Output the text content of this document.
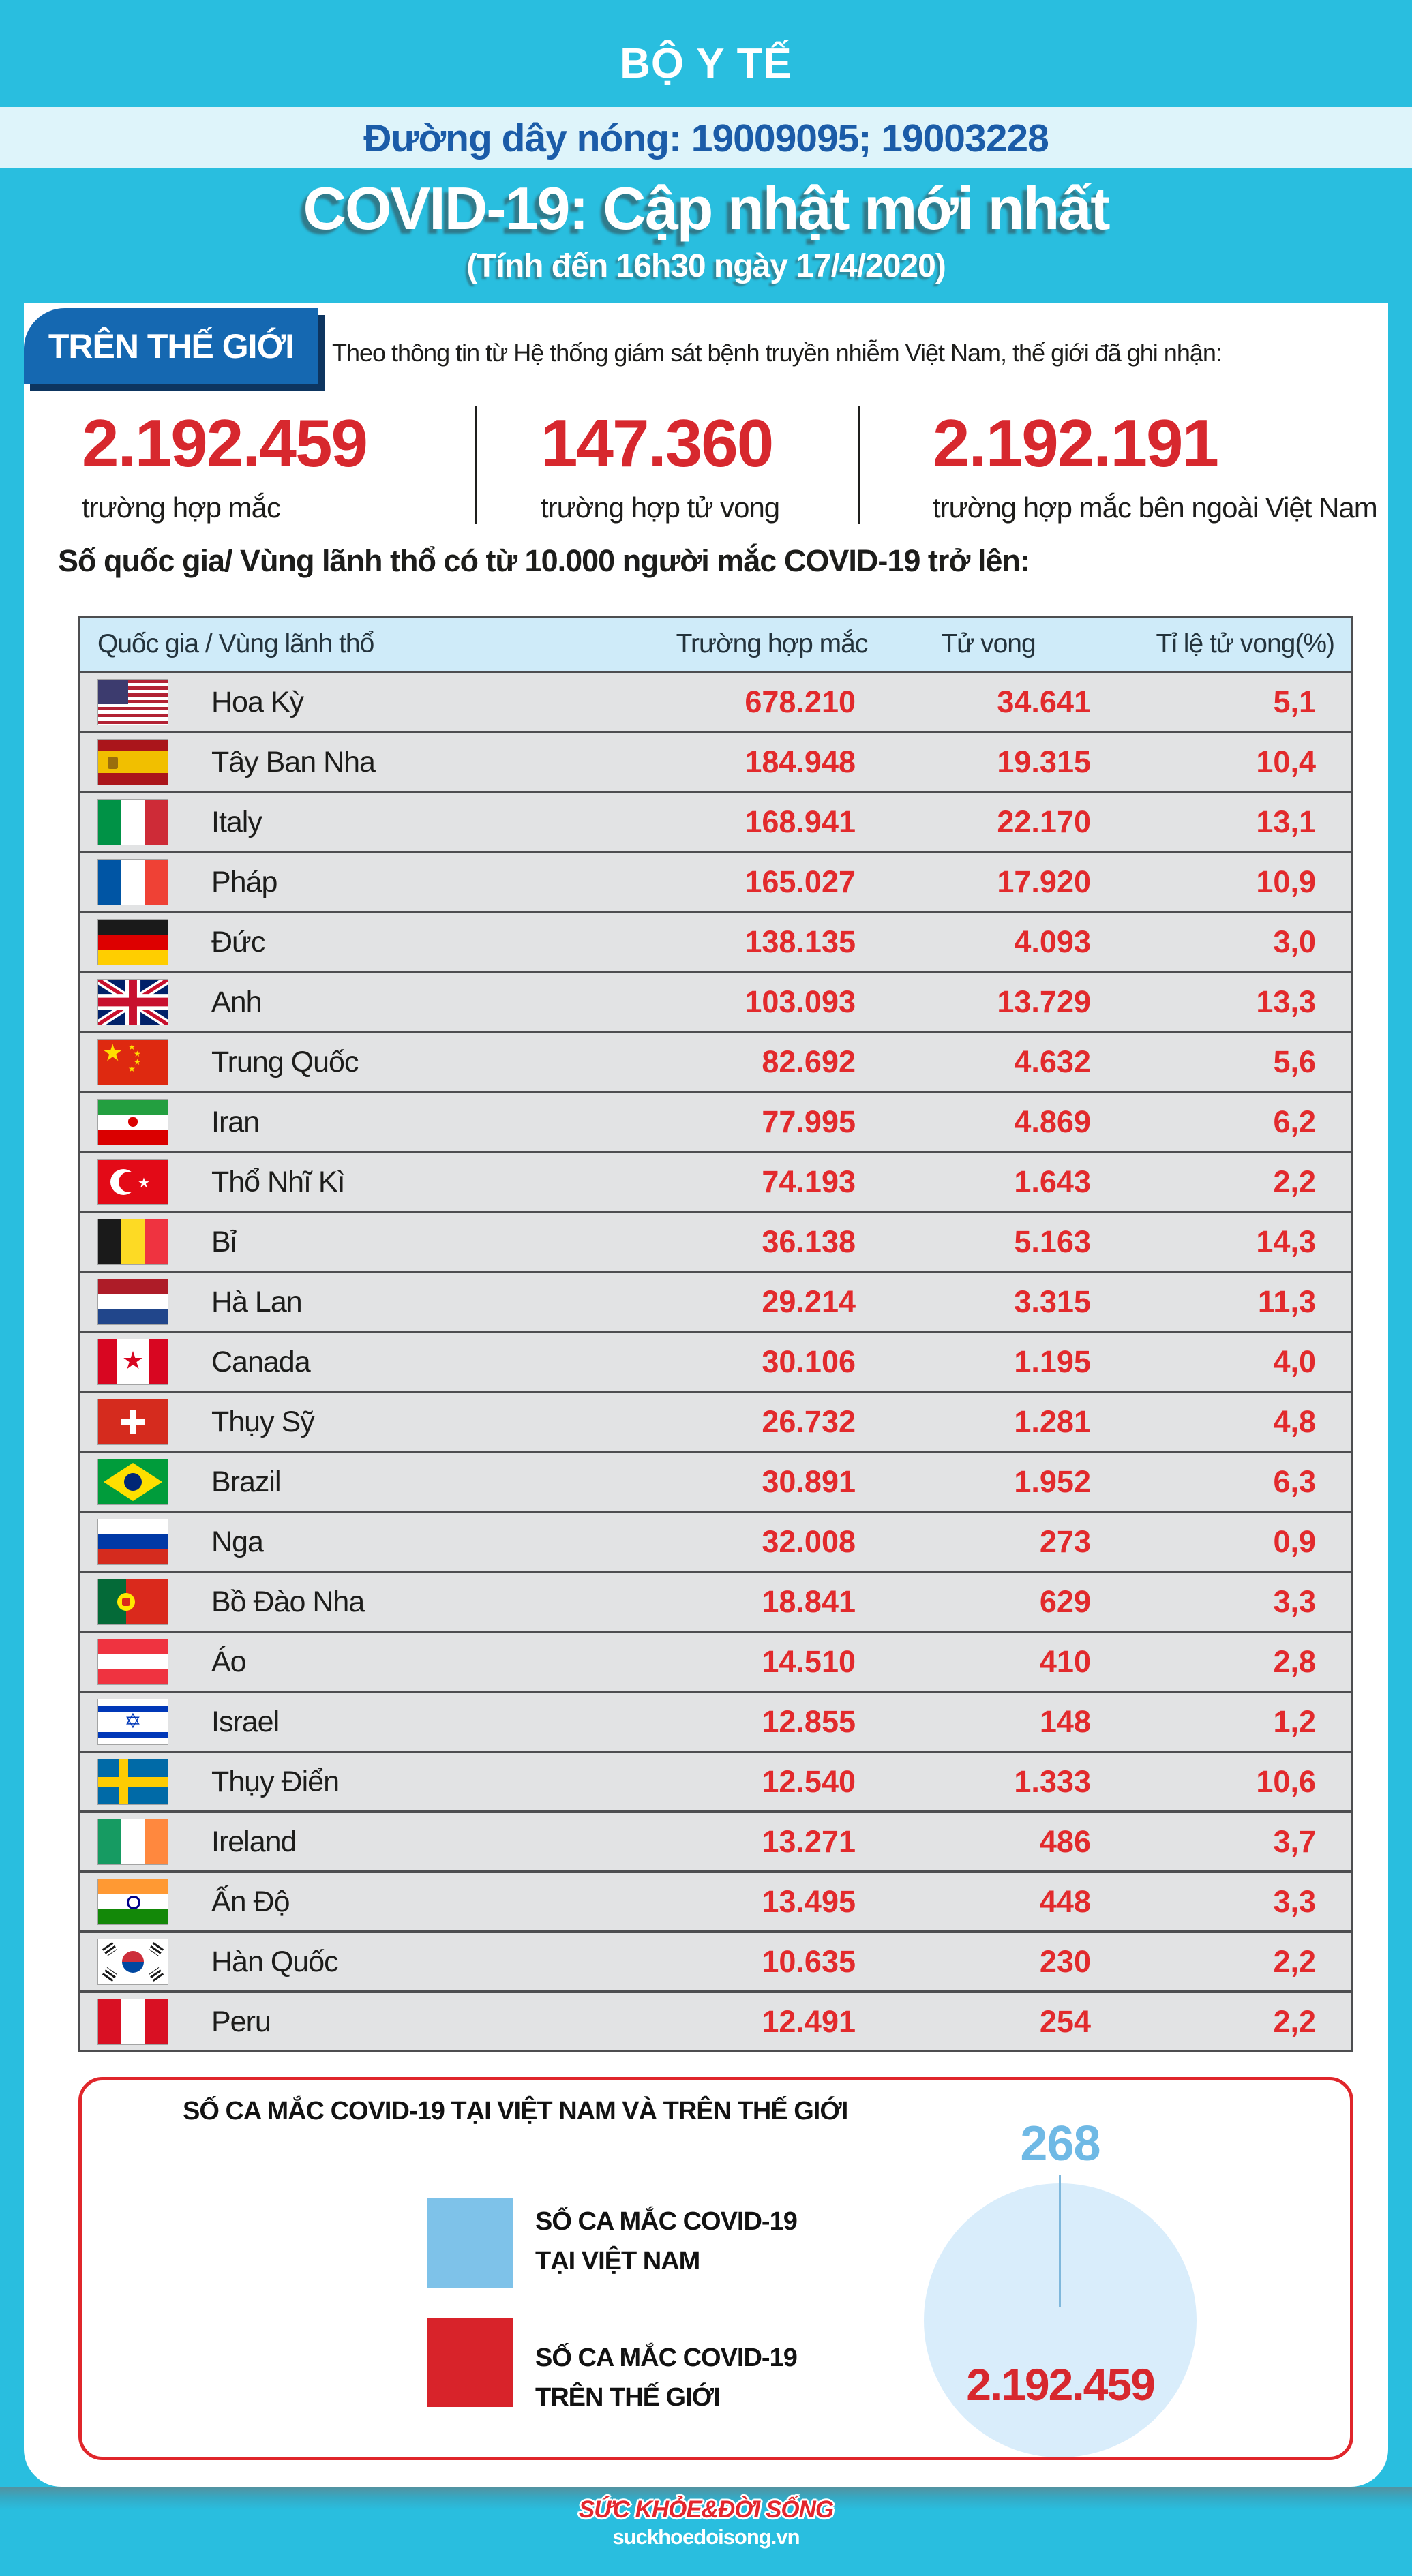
BỘ Y TẾ
Đường dây nóng: 19009095; 19003228
COVID-19: Cập nhật mới nhất
(Tính đến 16h30 ngày 17/4/2020)
TRÊN THẾ GIỚI Theo thông tin từ Hệ thống giám sát bệnh truyền nhiễm Việt Nam, thế giới đã ghi nhận:
2.192.459
trường hợp mắc
147.360
trường hợp tử vong
2.192.191
trường hợp mắc bên ngoài Việt Nam
Số quốc gia/ Vùng lãnh thổ có từ 10.000 người mắc COVID-19 trở lên:
Quốc gia / Vùng lãnh thổ	Trường hợp mắc	Tử vong	Tỉ lệ tử vong(%)
Hoa Kỳ	678.210	34.641	5,1
Tây Ban Nha	184.948	19.315	10,4
Italy	168.941	22.170	13,1
Pháp	165.027	17.920	10,9
Đức	138.135	4.093	3,0
Anh	103.093	13.729	13,3
★ ★
★
★
★	Trung Quốc	82.692	4.632	5,6
Iran	77.995	4.869	6,2
★ Thổ Nhĩ Kì	74.193	1.643	2,2
Bỉ	36.138	5.163	14,3
Hà Lan	29.214	3.315	11,3
★	Canada	30.106	1.195	4,0
Thụy Sỹ	26.732	1.281	4,8
Brazil	30.891	1.952	6,3
Nga	32.008	273	0,9
Bồ Đào Nha	18.841	629	3,3
Áo	14.510	410	2,8
✡	Israel	12.855	148	1,2
Thụy Điển	12.540	1.333	10,6
Ireland	13.271	486	3,7
Ấn Độ	13.495	448	3,3
Hàn Quốc	10.635	230	2,2
Peru	12.491	254	2,2
SỐ CA MẮC COVID-19 TẠI VIỆT NAM VÀ TRÊN THẾ GIỚI
SỐ CA MẮC COVID-19
TẠI VIỆT NAM
SỐ CA MẮC COVID-19
TRÊN THẾ GIỚI
268
2.192.459
SỨC KHỎE&ĐỜI SỐNG
suckhoedoisong.vn
